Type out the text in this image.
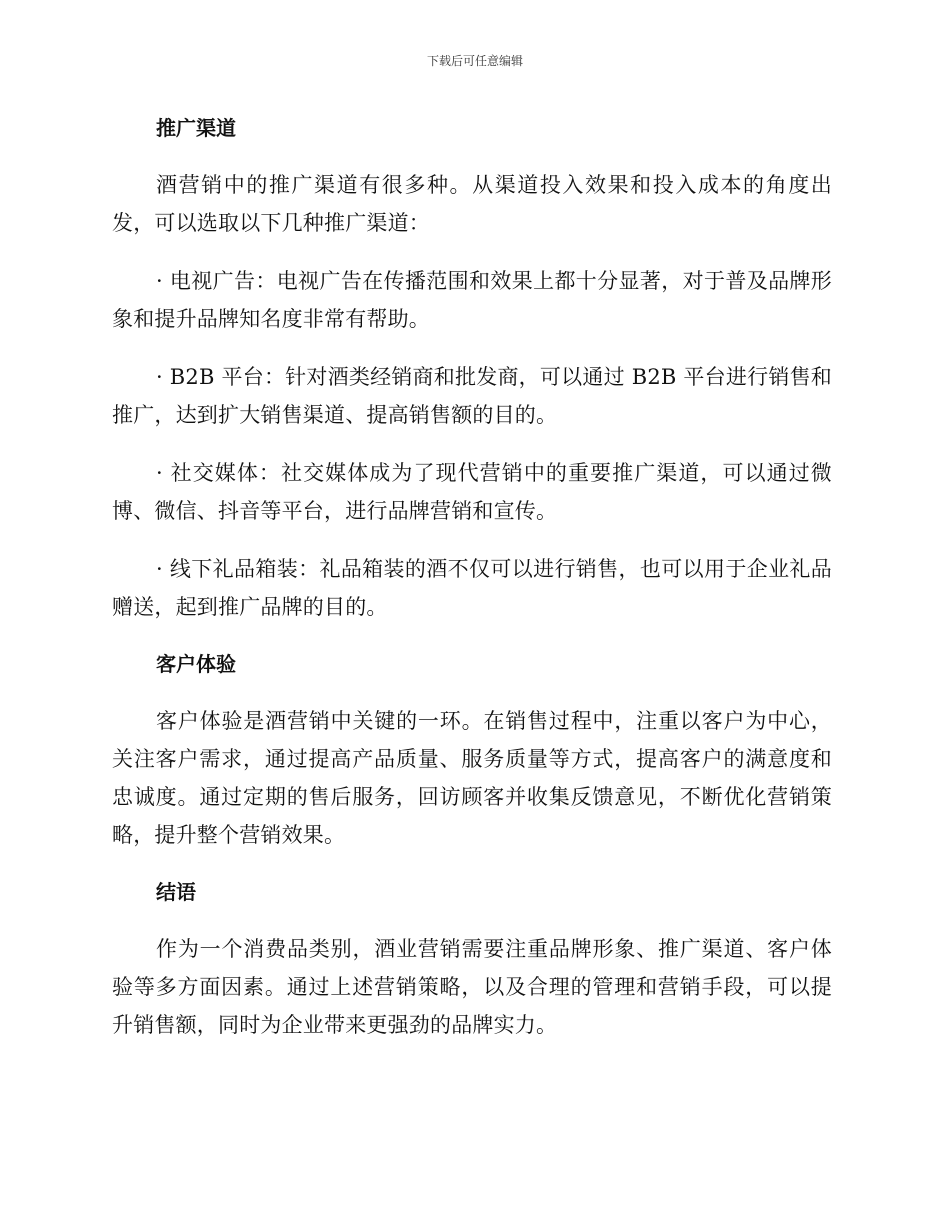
下载后可任意编辑
推广渠道

酒营销中的推广渠道有很多种。从渠道投入效果和投入成本的角度出发，可以选取以下几种推广渠道：

· 电视广告：电视广告在传播范围和效果上都十分显著，对于普及品牌形象和提升品牌知名度非常有帮助。

· B2B 平台：针对酒类经销商和批发商，可以通过 B2B 平台进行销售和推广，达到扩大销售渠道、提高销售额的目的。

· 社交媒体：社交媒体成为了现代营销中的重要推广渠道，可以通过微博、微信、抖音等平台，进行品牌营销和宣传。

· 线下礼品箱装：礼品箱装的酒不仅可以进行销售，也可以用于企业礼品赠送，起到推广品牌的目的。

客户体验

客户体验是酒营销中关键的一环。在销售过程中，注重以客户为中心，关注客户需求，通过提高产品质量、服务质量等方式，提高客户的满意度和忠诚度。通过定期的售后服务，回访顾客并收集反馈意见，不断优化营销策略，提升整个营销效果。

结语

作为一个消费品类别，酒业营销需要注重品牌形象、推广渠道、客户体验等多方面因素。通过上述营销策略，以及合理的管理和营销手段，可以提升销售额，同时为企业带来更强劲的品牌实力。
